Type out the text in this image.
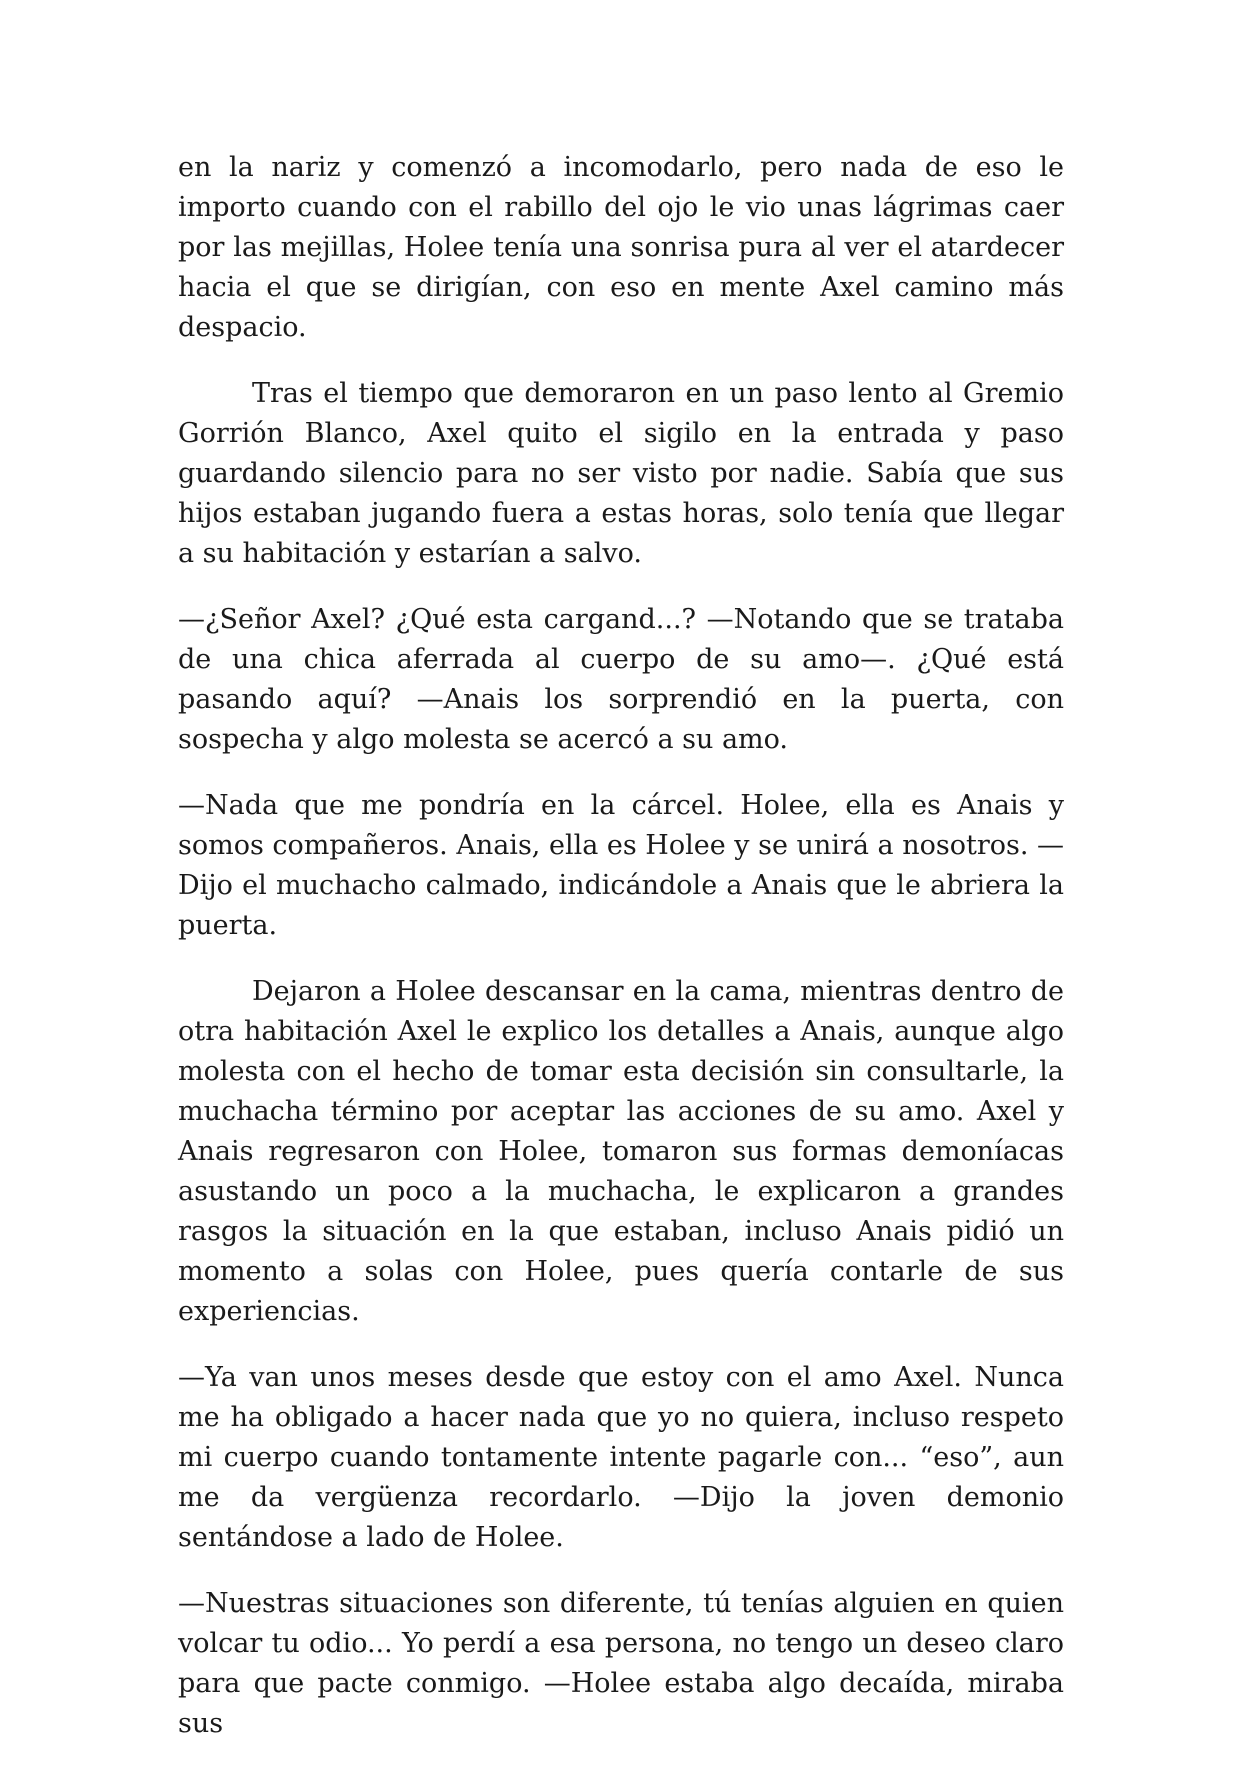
en la nariz y comenzó a incomodarlo, pero nada de eso le importo cuando con el rabillo del ojo le vio unas lágrimas caer por las mejillas, Holee tenía una sonrisa pura al ver el atardecer hacia el que se dirigían, con eso en mente Axel camino más despacio.

Tras el tiempo que demoraron en un paso lento al Gremio Gorrión Blanco, Axel quito el sigilo en la entrada y paso guardando silencio para no ser visto por nadie. Sabía que sus hijos estaban jugando fuera a estas horas, solo tenía que llegar a su habitación y estarían a salvo.

—¿Señor Axel? ¿Qué esta cargand...? —Notando que se trataba de una chica aferrada al cuerpo de su amo—. ¿Qué está pasando aquí? —Anais los sorprendió en la puerta, con sospecha y algo molesta se acercó a su amo.

—Nada que me pondría en la cárcel. Holee, ella es Anais y somos compañeros. Anais, ella es Holee y se unirá a nosotros. —Dijo el muchacho calmado, indicándole a Anais que le abriera la puerta.

Dejaron a Holee descansar en la cama, mientras dentro de otra habitación Axel le explico los detalles a Anais, aunque algo molesta con el hecho de tomar esta decisión sin consultarle, la muchacha término por aceptar las acciones de su amo. Axel y Anais regresaron con Holee, tomaron sus formas demoníacas asustando un poco a la muchacha, le explicaron a grandes rasgos la situación en la que estaban, incluso Anais pidió un momento a solas con Holee, pues quería contarle de sus experiencias.

—Ya van unos meses desde que estoy con el amo Axel. Nunca me ha obligado a hacer nada que yo no quiera, incluso respeto mi cuerpo cuando tontamente intente pagarle con... “eso”, aun me da vergüenza recordarlo. —Dijo la joven demonio sentándose a lado de Holee.

—Nuestras situaciones son diferente, tú tenías alguien en quien volcar tu odio... Yo perdí a esa persona, no tengo un deseo claro para que pacte conmigo. —Holee estaba algo decaída, miraba sus
